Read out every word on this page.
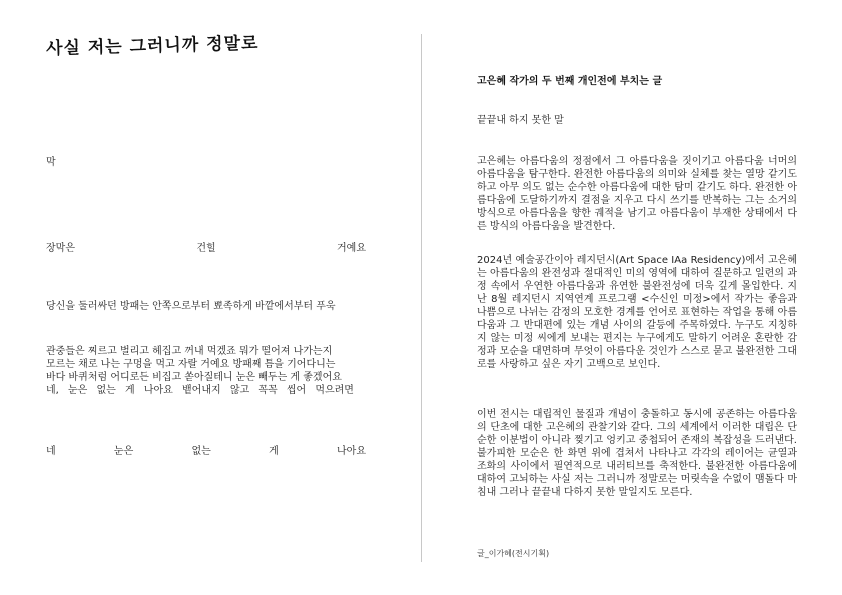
사실 저는 그러니까 정말로
막
장막은	건힐	거예요
당신을 둘러싸던 방패는 안쪽으로부터 뾰족하게 바깥에서부터 푸욱
관중들은 찌르고 벌리고 헤집고 꺼내 먹겠죠 뭐가 떨어져 나가는지
모르는 채로 나는 구멍을 먹고 자랄 거예요 방패째 틈을 기어다니는
바다 바퀴처럼 어디로든 비집고 쏟아질테니 눈은 빼두는 게 좋겠어요
네, 눈은 없는 게 나아요 뱉어내지 않고 꼭꼭 씹어 먹으려면
네	눈은	없는	게	나아요
고은혜 작가의 두 번째 개인전에 부치는 글
끝끝내 하지 못한 말
고은혜는 아름다움의 정점에서 그 아름다움을 짓이기고 아름다움 너머의 아름다움을 탐구한다. 완전한 아름다움의 의미와 실체를 찾는 열망 같기도 하고 아무 의도 없는 순수한 아름다움에 대한 탐미 같기도 하다. 완전한 아름다움에 도달하기까지 결점을 지우고 다시 쓰기를 반복하는 그는 소거의 방식으로 아름다움을 향한 궤적을 남기고 아름다움이 부재한 상태에서 다른 방식의 아름다움을 발견한다.
2024년 예술공간이아 레지던시(Art Space IAa Residency)에서 고은혜는 아름다움의 완전성과 절대적인 미의 영역에 대하여 질문하고 일련의 과정 속에서 우연한 아름다움과 유연한 불완전성에 더욱 깊게 몰입한다. 지난 8월 레지던시 지역연계 프로그램 <수신인 미정>에서 작가는 좋음과 나쁨으로 나뉘는 감정의 모호한 경계를 언어로 표현하는 작업을 통해 아름다움과 그 반대편에 있는 개념 사이의 갈등에 주목하였다. 누구도 지칭하지 않는 미정 씨에게 보내는 편지는 누구에게도 말하기 어려운 혼란한 감정과 모순을 대면하며 무엇이 아름다운 것인가 스스로 묻고 불완전한 그대로를 사랑하고 싶은 자기 고백으로 보인다.
이번 전시는 대립적인 물질과 개념이 충돌하고 동시에 공존하는 아름다움의 단초에 대한 고은혜의 관찰기와 같다. 그의 세계에서 이러한 대립은 단순한 이분법이 아니라 찢기고 엉키고 중첩되어 존재의 복잡성을 드러낸다. 불가피한 모순은 한 화면 위에 겹쳐서 나타나고 각각의 레이어는 균열과 조화의 사이에서 필연적으로 내러티브를 축적한다. 불완전한 아름다움에 대하여 고뇌하는 사실 저는 그러니까 정말로는 머릿속을 수없이 맴돌다 마침내 그러나 끝끝내 다하지 못한 말일지도 모른다.
글_이가혜(전시기획)
